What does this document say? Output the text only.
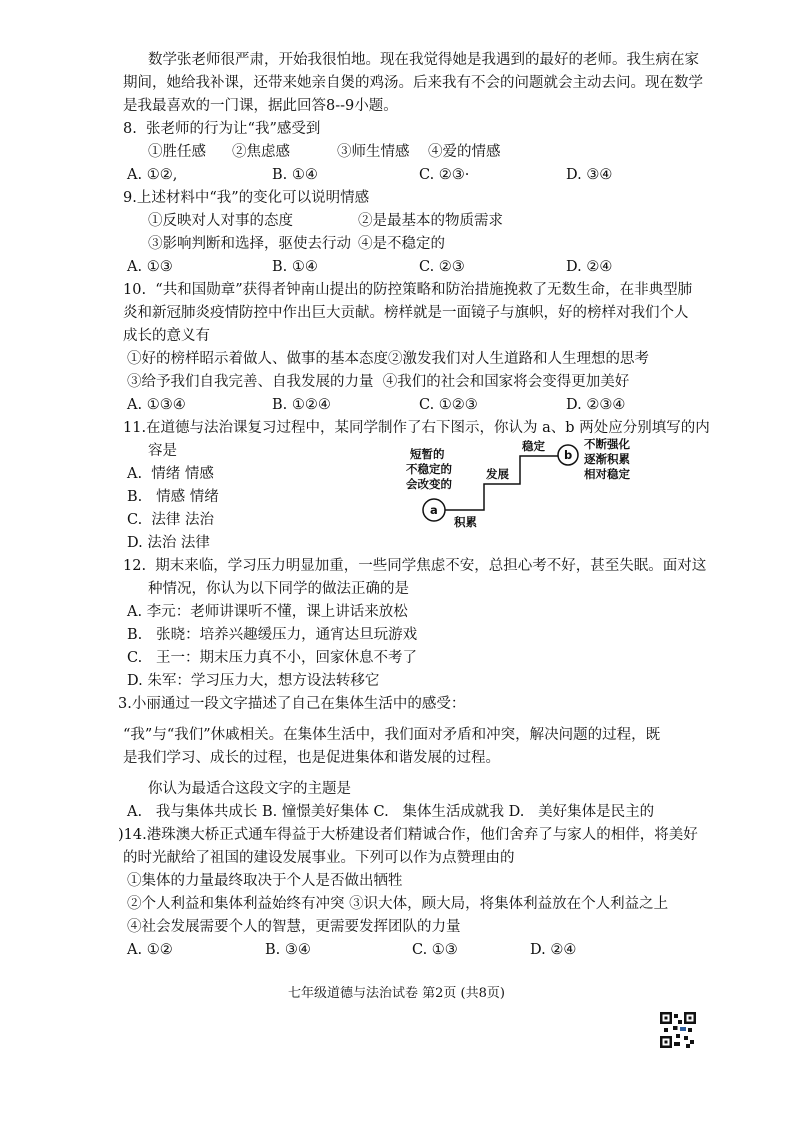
数学张老师很严肃，开始我很怕地。现在我觉得她是我遇到的最好的老师。我生病在家
期间，她给我补课，还带来她亲自煲的鸡汤。后来我有不会的问题就会主动去问。现在数学
是我最喜欢的一门课，据此回答8--9小题。
8.  张老师的行为让“我”感受到
①胜任感 ②焦虑感	③师生情感 ④爱的情感
A. ①②,	B. ①④	C. ②③·	D. ③④
9.上述材料中“我”的变化可以说明情感
①反映对人对事的态度	②是最基本的物质需求
③影响判断和选择，驱使去行动 ④是不稳定的
A. ①③	B. ①④	C. ②③	D. ②④
10.  “共和国勋章”获得者钟南山提出的防控策略和防治措施挽救了无数生命，在非典型肺
炎和新冠肺炎疫情防控中作出巨大贡献。榜样就是一面镜子与旗帜，好的榜样对我们个人
成长的意义有
①好的榜样昭示着做人、做事的基本态度②激发我们对人生道路和人生理想的思考
③给予我们自我完善、自我发展的力量  ④我们的社会和国家将会变得更加美好
A. ①③④	B. ①②④	C. ①②③	D. ②③④
11.在道德与法治课复习过程中，某同学制作了右下图示，你认为 a、b 两处应分别填写的内
容是
A.  情绪 情感
B.   情感 情绪
C.  法律 法治
D. 法治 法律
短暂的
不稳定的
会改变的
a
积累
发展
稳定
b
不断强化
逐渐积累
相对稳定
12.  期末来临，学习压力明显加重，一些同学焦虑不安，总担心考不好，甚至失眠。面对这
种情况，你认为以下同学的做法正确的是
A. 李元：老师讲课听不懂，课上讲话来放松
B.   张晓：培养兴趣缓压力，通宵达旦玩游戏
C.   王一：期末压力真不小，回家休息不考了
D. 朱军：学习压力大，想方设法转移它
3.小丽通过一段文字描述了自己在集体生活中的感受：
“我”与“我们”休戚相关。在集体生活中，我们面对矛盾和冲突，解决问题的过程，既
是我们学习、成长的过程，也是促进集体和谐发展的过程。
你认为最适合这段文字的主题是
A.   我与集体共成长 B. 憧憬美好集体 C.   集体生活成就我 D.   美好集体是民主的
)14.港珠澳大桥正式通车得益于大桥建设者们精诚合作，他们舍弃了与家人的相伴，将美好
的时光献给了祖国的建设发展事业。下列可以作为点赞理由的
①集体的力量最终取决于个人是否做出牺牲
②个人利益和集体利益始终有冲突 ③识大体，顾大局，将集体利益放在个人利益之上
④社会发展需要个人的智慧，更需要发挥团队的力量
A. ①②	B. ③④	C. ①③	D. ②④
七年级道德与法治试卷 第2页 (共8页)
